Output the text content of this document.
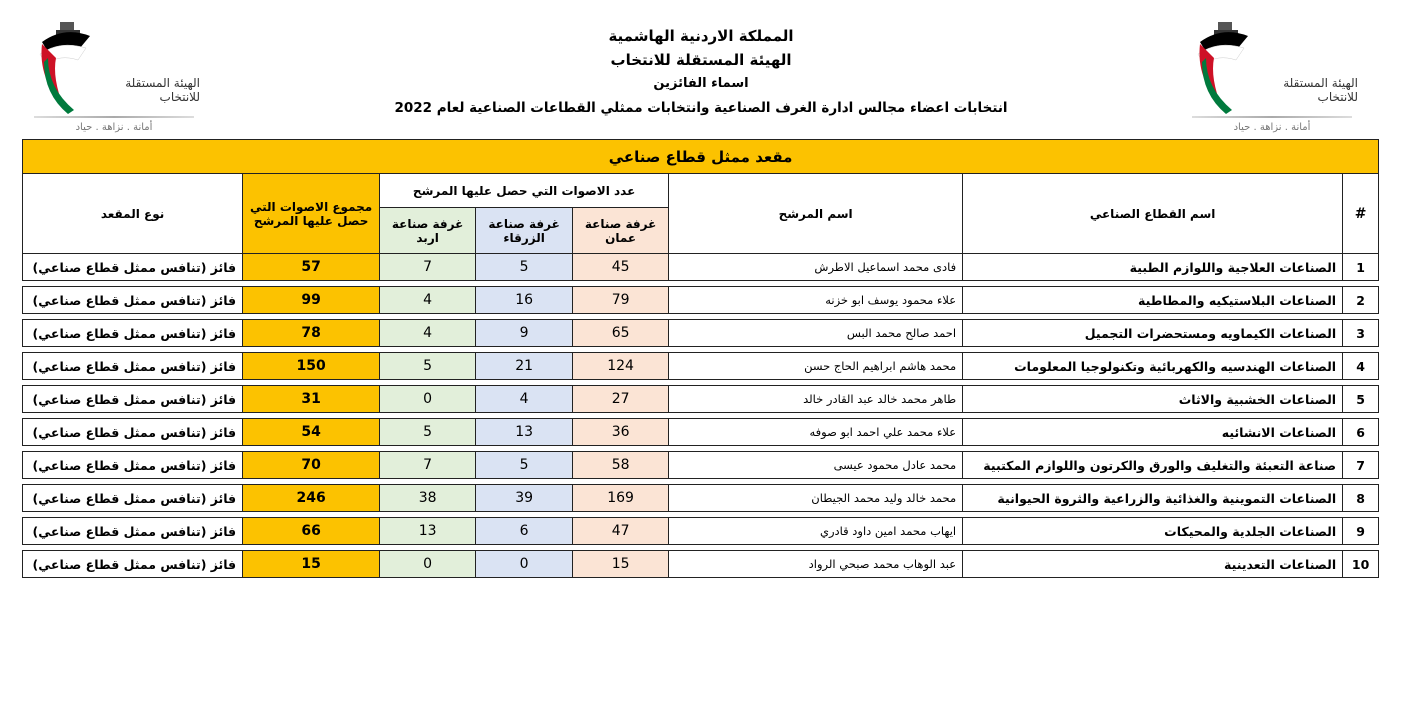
المملكة الاردنية الهاشمية
الهيئة المستقلة للانتخاب
اسماء الفائزين
انتخابات اعضاء مجالس ادارة الغرف الصناعية وانتخابات ممثلي القطاعات الصناعية لعام 2022
الهيئة المستقلة
للانتخاب
أمانة . نزاهة . حياد
الهيئة المستقلة
للانتخاب
أمانة . نزاهة . حياد
مقعد ممثل قطاع صناعي							
#	اسم القطاع الصناعي	اسم المرشح	عدد الاصوات التي حصل عليها المرشح			مجموع الاصوات التي حصل عليها المرشح	نوع المقعد
			غرفة صناعة عمان	غرفة صناعة الزرقاء	غرفة صناعة اربد		
1	الصناعات العلاجية واللوازم الطبية	فادى محمد اسماعيل الاطرش	45	5	7	57	فائز (تنافس ممثل قطاع صناعي)

2	الصناعات البلاستيكيه والمطاطية	علاء محمود يوسف ابو خزنه	79	16	4	99	فائز (تنافس ممثل قطاع صناعي)

3	الصناعات الكيماويه ومستحضرات التجميل	احمد صالح محمد البس	65	9	4	78	فائز (تنافس ممثل قطاع صناعي)

4	الصناعات الهندسيه والكهربائية وتكنولوجيا المعلومات	محمد هاشم ابراهيم الحاج حسن	124	21	5	150	فائز (تنافس ممثل قطاع صناعي)

5	الصناعات الخشبية والاثاث	طاهر محمد خالد عبد القادر خالد	27	4	0	31	فائز (تنافس ممثل قطاع صناعي)

6	الصناعات الانشائيه	علاء محمد علي احمد ابو صوفه	36	13	5	54	فائز (تنافس ممثل قطاع صناعي)

7	صناعة التعبئة والتغليف والورق والكرتون واللوازم المكتبية	محمد عادل محمود عيسى	58	5	7	70	فائز (تنافس ممثل قطاع صناعي)

8	الصناعات التموينية والغذائية والزراعية والثروة الحيوانية	محمد خالد وليد محمد الجيطان	169	39	38	246	فائز (تنافس ممثل قطاع صناعي)

9	الصناعات الجلدية والمحيكات	ايهاب محمد امين داود قادري	47	6	13	66	فائز (تنافس ممثل قطاع صناعي)

10	الصناعات التعدينية	عبد الوهاب محمد صبحي الرواد	15	0	0	15	فائز (تنافس ممثل قطاع صناعي)
